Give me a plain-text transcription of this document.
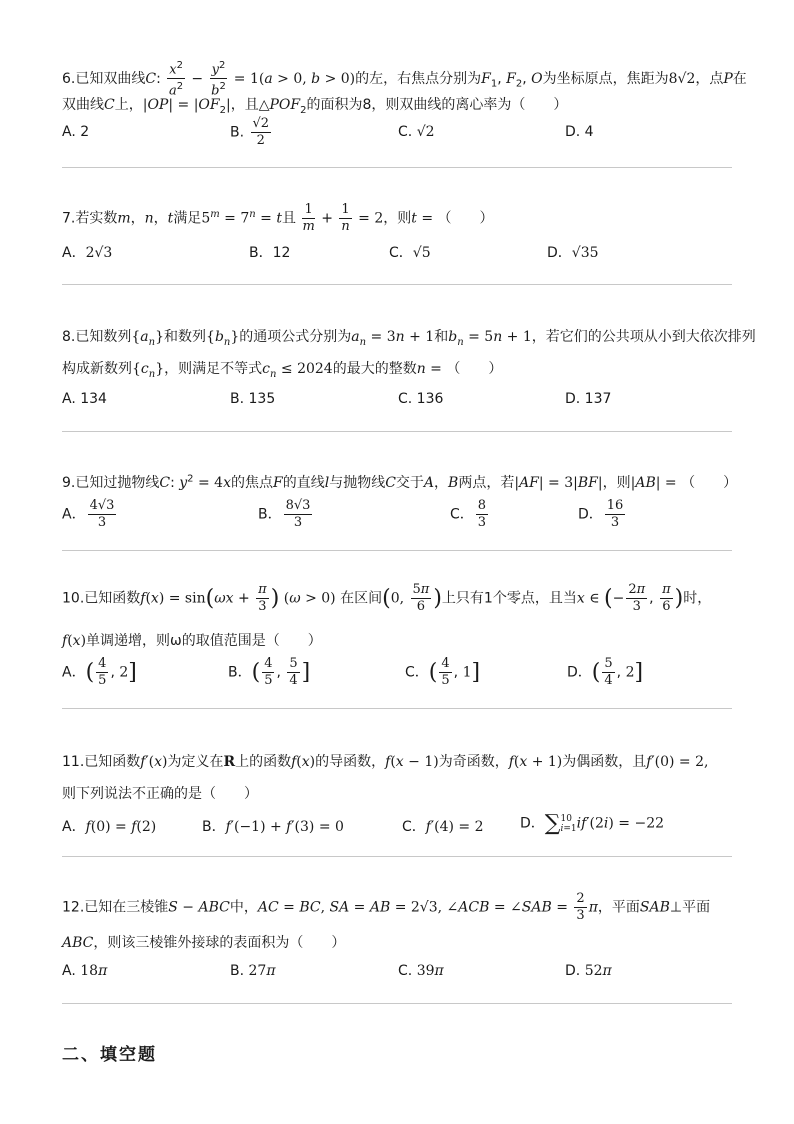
6.已知双曲线C: $\frac{x^2}{a^2} - \frac{y^2}{b^2} = 1(a > 0$, b > 0)的左，右焦点分别为$F_1$, $F_2$, O为坐标原点，焦距为8√2，点P在
双曲线C上，$|OP| = |OF_2|$，且$\triangle POF_2$的面积为8，则双曲线的离心率为（　　）
A. 2	B. $\frac{√2}{2}$	C. √2	D. 4
7.若实数m，n，t满足$5^m = 7^n = t$且 $\frac{1}{m} + \frac{1}{n} = 2$，则t = （　　）
A．2√3	B．12	C．√5	D．√35
8.已知数列$\{a_n\}$和数列$\{b_n\}$的通项公式分别为$a_n = 3n + 1$和$b_n = 5n + 1$，若它们的公共项从小到大依次排列
构成新数列$\{c_n\}$，则满足不等式$c_n \le 2024$的最大的整数n = （　　）
A. 134	B. 135	C. 136	D. 137
9.已知过抛物线C: $y^2 = 4x$的焦点F的直线l与抛物线C交于A，B两点，若|AF| = 3|BF|，则|AB| = （　　）
A． $\frac{4√3}{3}$	B． $\frac{8√3}{3}$	C． $\frac{8}{3}$	D． $\frac{16}{3}$
10.已知函数$f(x) = \sin(\omega x + \frac{\pi}{3}$ ) (ω > 0) 在区间(0, $\frac{5\pi}{6}$ )上只有1个零点，且当x ∈ (− $\frac{2\pi}{3}$ , $\frac{\pi}{6}$ )时，
f(x)单调递增，则ω的取值范围是（　　）
A．( $\frac{4}{5}$ , 2]	B．( $\frac{4}{5}$ , $\frac{5}{4}$ ]	C．( $\frac{4}{5}$ , 1]	D．( $\frac{5}{4}$ , 2]
11.已知函数f′(x)为定义在R上的函数f(x)的导函数，f(x − 1)为奇函数，f(x + 1)为偶函数，且f′(0) = 2,
则下列说法不正确的是（　　）
A．f(0) = f(2)	B．f′(−1) + f′(3) = 0	C．f′(4) = 2	D．∑10
i=1if′(2i) = −22
12.已知在三棱锥S − ABC中，AC = BC, SA = AB = 2√3, ∠ACB = ∠SAB = $\frac{2}{3}$ π，平面SAB⊥平面
ABC，则该三棱锥外接球的表面积为（　　）
A. 18π	B. 27π	C. 39π	D. 52π
二、填空题
